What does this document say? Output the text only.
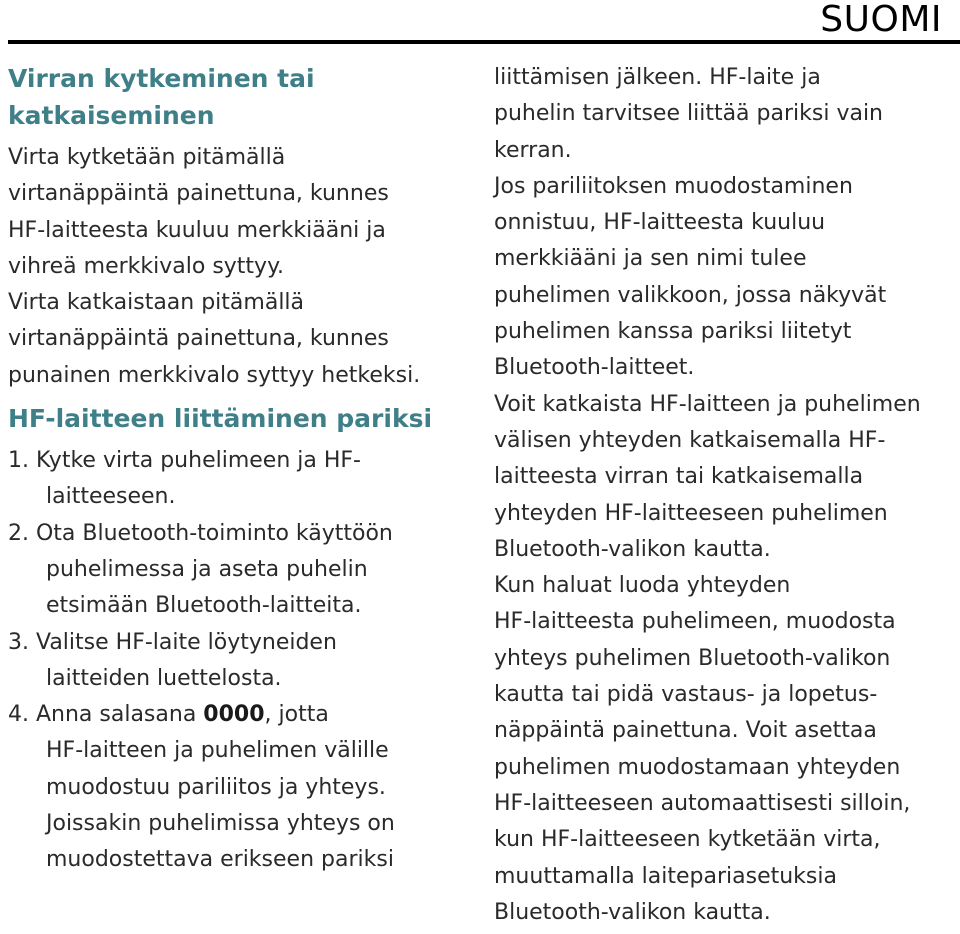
SUOMI
Virran kytkeminen tai
katkaiseminen
Virta kytketään pitämällä
virtanäppäintä painettuna, kunnes
HF-laitteesta kuuluu merkkiääni ja
vihreä merkkivalo syttyy.
Virta katkaistaan pitämällä
virtanäppäintä painettuna, kunnes
punainen merkkivalo syttyy hetkeksi.
HF-laitteen liittäminen pariksi
1. Kytke virta puhelimeen ja HF-
laitteeseen.
2. Ota Bluetooth-toiminto käyttöön
puhelimessa ja aseta puhelin
etsimään Bluetooth-laitteita.
3. Valitse HF-laite löytyneiden
laitteiden luettelosta.
4. Anna salasana 0000, jotta
HF-laitteen ja puhelimen välille
muodostuu pariliitos ja yhteys.
Joissakin puhelimissa yhteys on
muodostettava erikseen pariksi
liittämisen jälkeen. HF-laite ja
puhelin tarvitsee liittää pariksi vain
kerran.
Jos pariliitoksen muodostaminen
onnistuu, HF-laitteesta kuuluu
merkkiääni ja sen nimi tulee
puhelimen valikkoon, jossa näkyvät
puhelimen kanssa pariksi liitetyt
Bluetooth-laitteet.
Voit katkaista HF-laitteen ja puhelimen
välisen yhteyden katkaisemalla HF-
laitteesta virran tai katkaisemalla
yhteyden HF-laitteeseen puhelimen
Bluetooth-valikon kautta.
Kun haluat luoda yhteyden
HF-laitteesta puhelimeen, muodosta
yhteys puhelimen Bluetooth-valikon
kautta tai pidä vastaus- ja lopetus-
näppäintä painettuna. Voit asettaa
puhelimen muodostamaan yhteyden
HF-laitteeseen automaattisesti silloin,
kun HF-laitteeseen kytketään virta,
muuttamalla laitepariasetuksia
Bluetooth-valikon kautta.
